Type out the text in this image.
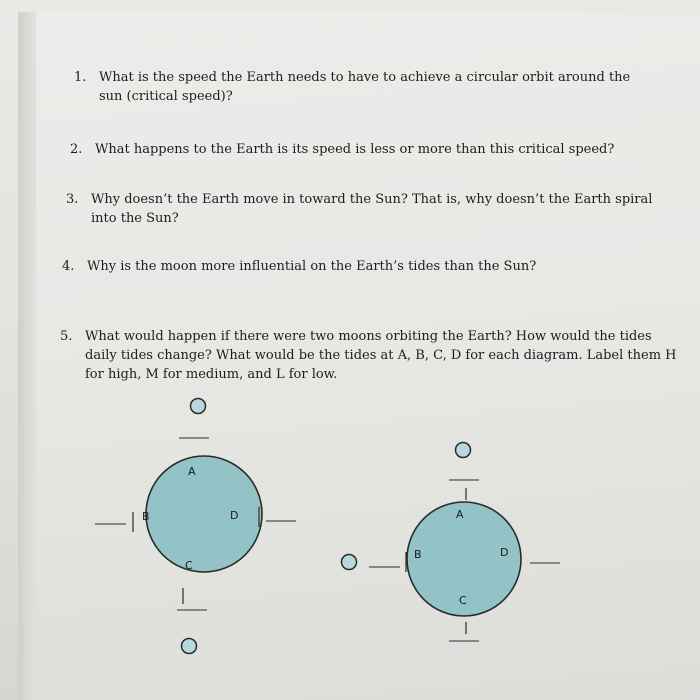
1. What is the speed the Earth needs to have to achieve a circular orbit around the sun (critical speed)?
2. What happens to the Earth is its speed is less or more than this critical speed?
3. Why doesn’t the Earth move in toward the Sun? That is, why doesn’t the Earth spiral into the Sun?
4. Why is the moon more influential on the Earth’s tides than the Sun?
5. What would happen if there were two moons orbiting the Earth? How would the tides daily tides change? What would be the tides at A, B, C, D for each diagram. Label them H for high, M for medium, and L for low.
A
B
C
D	A
B
C
D
